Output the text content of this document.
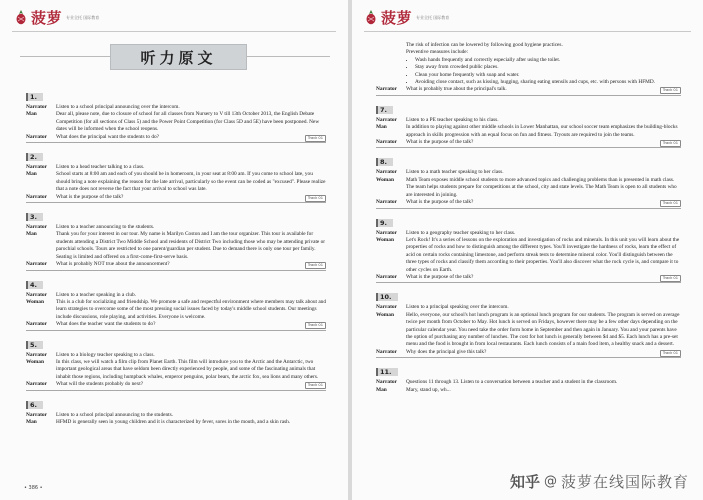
菠萝 专业全托 国际教育
听力原文
1.
Narrator	Listen to a school principal announcing over the intercom.
Man	Dear all, please note, due to closure of school for all classes from Nursery to V till 13th October 2013, the English Debate Competition (for all sections of Class 5) and the Power Point Competition (for Class 5D and 5E) have been postponed. New dates will be informed when the school reopens.
Narrator	What does the principal want the students to do?	Track 01
2.
Narrator	Listen to a head teacher talking to a class.
Man	School starts at 8:00 am and each of you should be in homeroom, in your seat at 8:00 am. If you come to school late, you should bring a note explaining the reason for the late arrival, particularly so the event can be coded as "excused". Please realize that a note does not reverse the fact that your arrival to school was late.
Narrator	What is the purpose of the talk?	Track 01
3.
Narrator	Listen to a teacher announcing to the students.
Man	Thank you for your interest in our tour. My name is Marilyn Coston and I am the tour organizer. This tour is available for students attending a District Two Middle School and residents of District Two including those who may be attending private or parochial schools. Tours are restricted to one parent/guardian per student. Due to demand there is only one tour per family. Seating is limited and offered on a first-come-first-serve basis.
Narrator	What is probably NOT true about the announcement?	Track 01
4.
Narrator	Listen to a teacher speaking in a club.
Woman	This is a club for socializing and friendship. We promote a safe and respectful environment where members may talk about and learn strategies to overcome some of the most pressing social issues faced by today's middle school students. Our meetings include discussions, role playing, and activities. Everyone is welcome.
Narrator	What does the teacher want the students to do?	Track 01
5.
Narrator	Listen to a biology teacher speaking to a class.
Woman	In this class, we will watch a film clip from Planet Earth. This film will introduce you to the Arctic and the Antarctic, two important geological areas that have seldom been directly experienced by people, and some of the fascinating animals that inhabit those regions, including humpback whales, emperor penguins, polar bears, the arctic fox, sea lions and many others.
Narrator	What will the students probably do next?	Track 01
6.
Narrator	Listen to a school principal announcing to the students.
Man	HFMD is generally seen in young children and it is characterized by fever, sores in the mouth, and a skin rash.
• 386 •
菠萝 专业全托 国际教育
The risk of infection can be lowered by following good hygiene practices.
Preventive measures include:
• Wash hands frequently and correctly especially after using the toilet.
• Stay away from crowded public places.
• Clean your home frequently with soap and water.
• Avoiding close contact, such as kissing, hugging, sharing eating utensils and cups, etc. with persons with HFMD.
Narrator	What is probably true about the principal's talk.	Track 01
7.
Narrator	Listen to a PE teacher speaking to his class.
Man	In addition to playing against other middle schools in Lower Manhattan, our school soccer team emphasizes the building-blocks approach in skills progression with an equal focus on fun and fitness. Tryouts are required to join the teams.
Narrator	What is the purpose of the talk?	Track 01
8.
Narrator	Listen to a math teacher speaking to her class.
Woman	Math Team exposes middle school students to more advanced topics and challenging problems than is presented in math class. The team helps students prepare for competitions at the school, city and state levels. The Math Team is open to all students who are interested in joining.
Narrator	What is the purpose of the talk?	Track 01
9.
Narrator	Listen to a geography teacher speaking to her class.
Woman	Let's Rock! It's a series of lessons on the exploration and investigation of rocks and minerals. In this unit you will learn about the properties of rocks and how to distinguish among the different types. You'll investigate the hardness of rocks, learn the effect of acid on certain rocks containing limestone, and perform streak tests to determine mineral color. You'll distinguish between the three types of rocks and classify them according to their properties. You'll also discover what the rock cycle is, and compare it to other cycles on Earth.
Narrator	What is the purpose of the talk?	Track 01
10.
Narrator	Listen to a principal speaking over the intercom.
Woman	Hello, everyone, our school's hot lunch program is an optional lunch program for our students. The program is served on average twice per month from October to May. Hot lunch is served on Fridays, however there may be a few other days depending on the particular calendar year. You need take the order form home in September and then again in January. You and your parents have the option of purchasing any number of lunches. The cost for hot lunch is generally between $4 and $5. Each lunch has a pre-set menu and the food is brought in from local restaurants. Each lunch consists of a main food item, a healthy snack and a dessert.
Narrator	Why does the principal give this talk?	Track 01
11.
Narrator	Questions 11 through 13. Listen to a conversation between a teacher and a student in the classroom.
Man	Mary, stand up, wh...
知乎 @ 菠萝在线国际教育
